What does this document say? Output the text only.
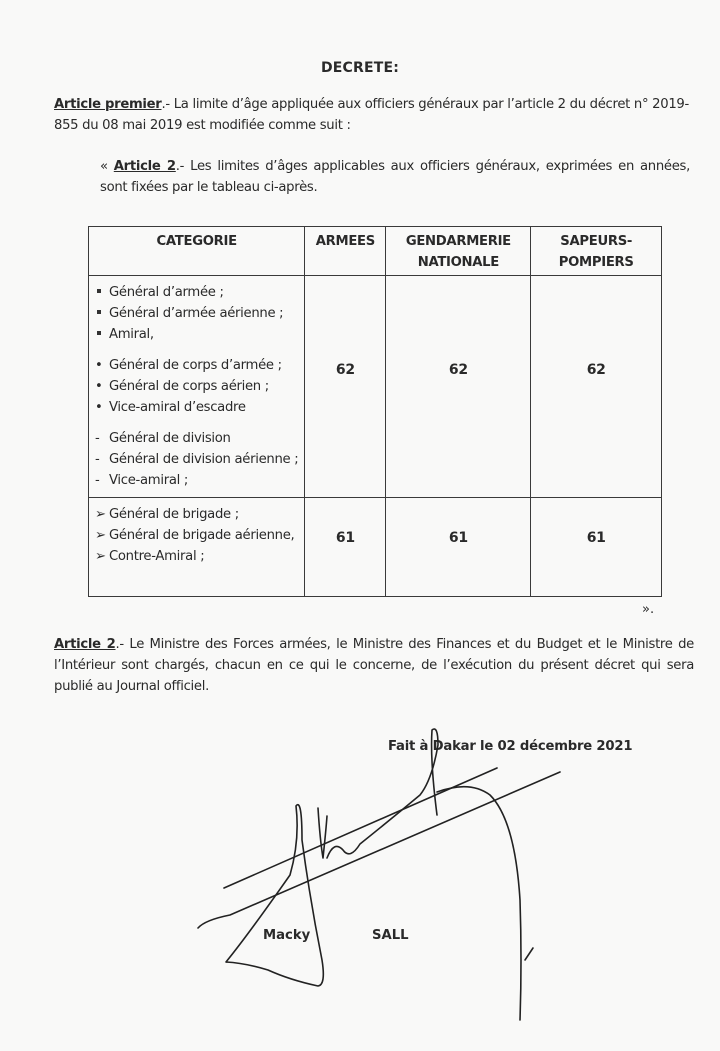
DECRETE:
Article premier.- La limite d’âge appliquée aux officiers généraux par l’article 2 du décret n° 2019-855 du 08 mai 2019 est modifiée comme suit :
« Article 2.- Les limites d’âges applicables aux officiers généraux, exprimées en années, sont fixées par le tableau ci-après.
CATEGORIE	ARMEES	GENDARMERIE NATIONALE	SAPEURS-POMPIERS

Général d’armée ;
Général d’armée aérienne ;
Amiral,
• Général de corps d’armée ;
• Général de corps aérien ;
• Vice-amiral d’escadre
- Général de division
- Général de division aérienne ;
- Vice-amiral ;
	62	62	62

➢ Général de brigade ;
➢ Général de brigade aérienne,
➢ Contre-Amiral ;	61	61	61
».
Article 2.- Le Ministre des Forces armées, le Ministre des Finances et du Budget et le Ministre de l’Intérieur sont chargés, chacun en ce qui le concerne, de l’exécution du présent décret qui sera publié au Journal officiel.
Fait à Dakar le 02 décembre 2021
Macky	SALL
